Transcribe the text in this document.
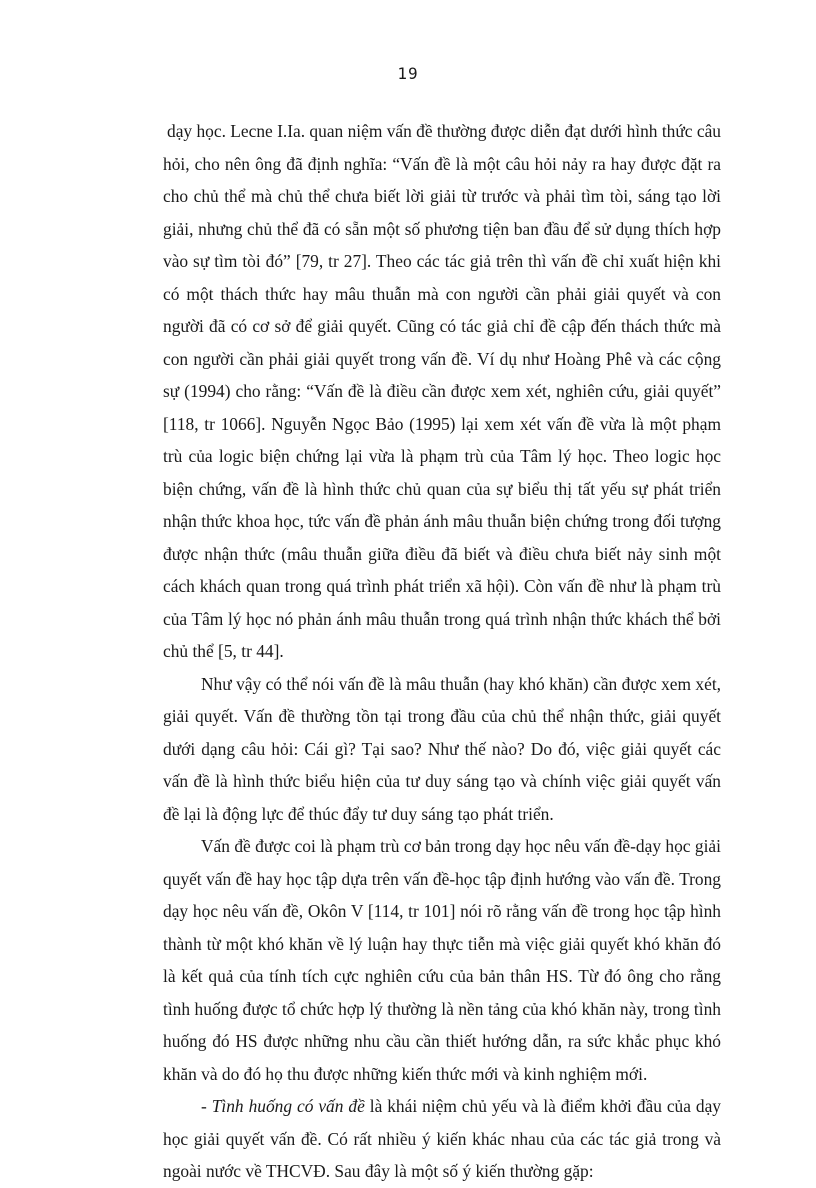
19

dạy học. Lecne I.Ia. quan niệm vấn đề thường được diễn đạt dưới hình thức câu hỏi, cho nên ông đã định nghĩa: “Vấn đề là một câu hỏi nảy ra hay được đặt ra cho chủ thể mà chủ thể chưa biết lời giải từ trước và phải tìm tòi, sáng tạo lời giải, nhưng chủ thể đã có sẵn một số phương tiện ban đầu để sử dụng thích hợp vào sự tìm tòi đó” [79, tr 27]. Theo các tác giả trên thì vấn đề chỉ xuất hiện khi có một thách thức hay mâu thuẫn mà con người cần phải giải quyết và con người đã có cơ sở để giải quyết. Cũng có tác giả chỉ đề cập đến thách thức mà con người cần phải giải quyết trong vấn đề. Ví dụ như Hoàng Phê và các cộng sự (1994) cho rằng: “Vấn đề là điều cần được xem xét, nghiên cứu, giải quyết” [118, tr 1066]. Nguyễn Ngọc Bảo (1995) lại xem xét vấn đề vừa là một phạm trù của logic biện chứng lại vừa là phạm trù của Tâm lý học. Theo logic học biện chứng, vấn đề là hình thức chủ quan của sự biểu thị tất yếu sự phát triển nhận thức khoa học, tức vấn đề phản ánh mâu thuẫn biện chứng trong đối tượng được nhận thức (mâu thuẫn giữa điều đã biết và điều chưa biết nảy sinh một cách khách quan trong quá trình phát triển xã hội). Còn vấn đề như là phạm trù của Tâm lý học nó phản ánh mâu thuẫn trong quá trình nhận thức khách thể bởi chủ thể [5, tr 44].

Như vậy có thể nói vấn đề là mâu thuẫn (hay khó khăn) cần được xem xét, giải quyết. Vấn đề thường tồn tại trong đầu của chủ thể nhận thức, giải quyết dưới dạng câu hỏi: Cái gì? Tại sao? Như thế nào? Do đó, việc giải quyết các vấn đề là hình thức biểu hiện của tư duy sáng tạo và chính việc giải quyết vấn đề lại là động lực để thúc đẩy tư duy sáng tạo phát triển.

Vấn đề được coi là phạm trù cơ bản trong dạy học nêu vấn đề-dạy học giải quyết vấn đề hay học tập dựa trên vấn đề-học tập định hướng vào vấn đề. Trong dạy học nêu vấn đề, Okôn V [114, tr 101] nói rõ rằng vấn đề trong học tập hình thành từ một khó khăn về lý luận hay thực tiễn mà việc giải quyết khó khăn đó là kết quả của tính tích cực nghiên cứu của bản thân HS. Từ đó ông cho rằng tình huống được tổ chức hợp lý thường là nền tảng của khó khăn này, trong tình huống đó HS được những nhu cầu cần thiết hướng dẫn, ra sức khắc phục khó khăn và do đó họ thu được những kiến thức mới và kinh nghiệm mới.

- Tình huống có vấn đề là khái niệm chủ yếu và là điểm khởi đầu của dạy học giải quyết vấn đề. Có rất nhiều ý kiến khác nhau của các tác giả trong và ngoài nước về THCVĐ. Sau đây là một số ý kiến thường gặp:
